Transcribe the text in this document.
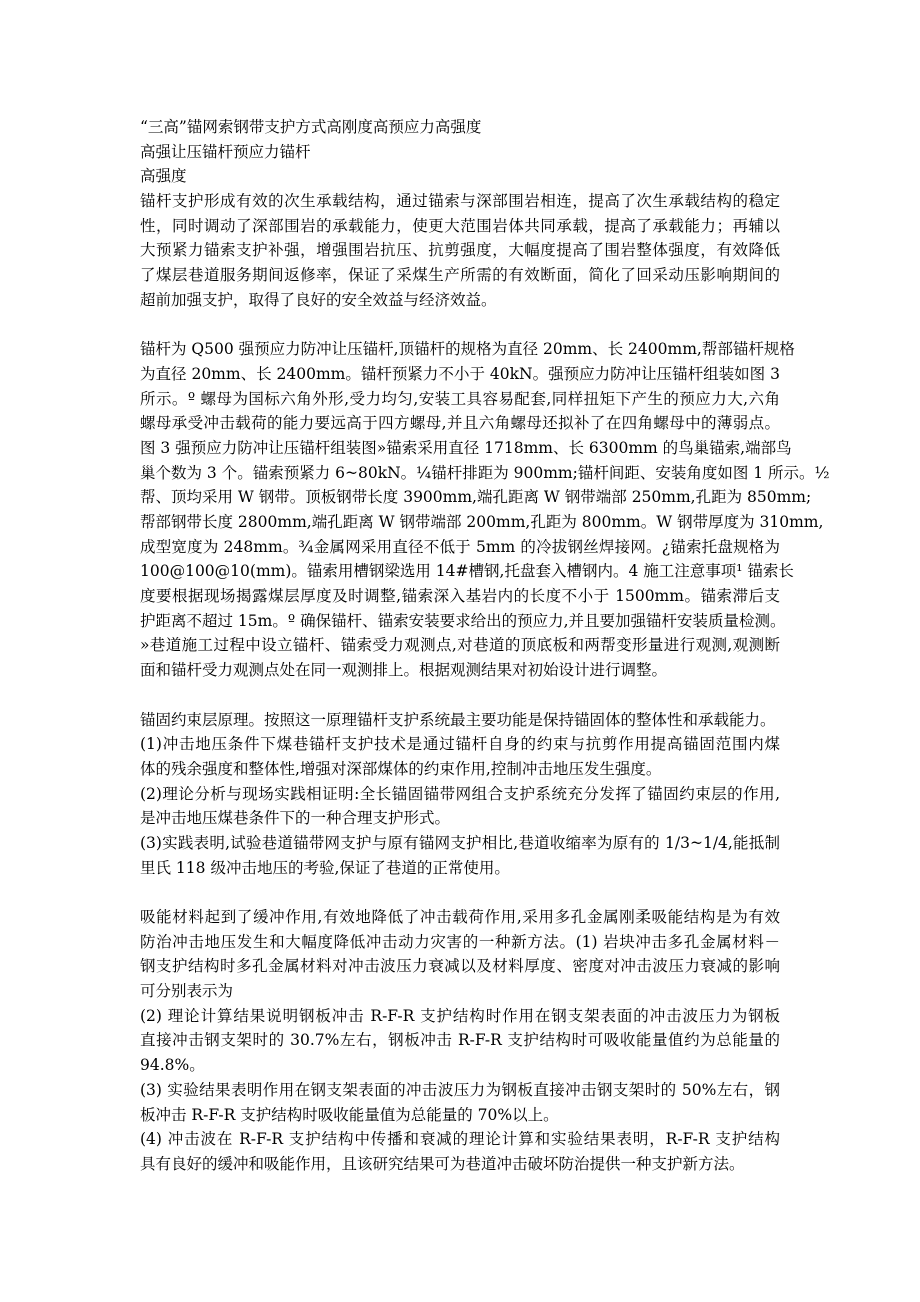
“三高”锚网索钢带支护方式高刚度高预应力高强度
高强让压锚杆预应力锚杆
高强度
锚杆支护形成有效的次生承载结构，通过锚索与深部围岩相连，提高了次生承载结构的稳定
性，同时调动了深部围岩的承载能力，使更大范围岩体共同承载，提高了承载能力；再辅以
大预紧力锚索支护补强，增强围岩抗压、抗剪强度，大幅度提高了围岩整体强度，有效降低
了煤层巷道服务期间返修率，保证了采煤生产所需的有效断面，简化了回采动压影响期间的
超前加强支护，取得了良好的安全效益与经济效益。
锚杆为 Q500 强预应力防冲让压锚杆,顶锚杆的规格为直径 20mm、长 2400mm,帮部锚杆规格
为直径 20mm、长 2400mm。锚杆预紧力不小于 40kN。强预应力防冲让压锚杆组装如图 3
所示。º 螺母为国标六角外形,受力均匀,安装工具容易配套,同样扭矩下产生的预应力大,六角
螺母承受冲击载荷的能力要远高于四方螺母,并且六角螺母还拟补了在四角螺母中的薄弱点。
图 3 强预应力防冲让压锚杆组装图»锚索采用直径 1718mm、长 6300mm 的鸟巢锚索,端部鸟
巢个数为 3 个。锚索预紧力 6~80kN。¼锚杆排距为 900mm;锚杆间距、安装角度如图 1 所示。½
帮、顶均采用 W 钢带。顶板钢带长度 3900mm,端孔距离 W 钢带端部 250mm,孔距为 850mm;
帮部钢带长度 2800mm,端孔距离 W 钢带端部 200mm,孔距为 800mm。W 钢带厚度为 310mm,
成型宽度为 248mm。¾金属网采用直径不低于 5mm 的冷拔钢丝焊接网。¿锚索托盘规格为
100@100@10(mm)。锚索用槽钢梁选用 14#槽钢,托盘套入槽钢内。4 施工注意事项¹ 锚索长
度要根据现场揭露煤层厚度及时调整,锚索深入基岩内的长度不小于 1500mm。锚索滞后支
护距离不超过 15m。º 确保锚杆、锚索安装要求给出的预应力,并且要加强锚杆安装质量检测。
»巷道施工过程中设立锚杆、锚索受力观测点,对巷道的顶底板和两帮变形量进行观测,观测断
面和锚杆受力观测点处在同一观测排上。根据观测结果对初始设计进行调整。
锚固约束层原理。按照这一原理锚杆支护系统最主要功能是保持锚固体的整体性和承载能力。
(1)冲击地压条件下煤巷锚杆支护技术是通过锚杆自身的约束与抗剪作用提高锚固范围内煤
体的残余强度和整体性,增强对深部煤体的约束作用,控制冲击地压发生强度。
(2)理论分析与现场实践相证明:全长锚固锚带网组合支护系统充分发挥了锚固约束层的作用,
是冲击地压煤巷条件下的一种合理支护形式。
(3)实践表明,试验巷道锚带网支护与原有锚网支护相比,巷道收缩率为原有的 1/3~1/4,能抵制
里氏 118 级冲击地压的考验,保证了巷道的正常使用。
吸能材料起到了缓冲作用,有效地降低了冲击载荷作用,采用多孔金属刚柔吸能结构是为有效
防治冲击地压发生和大幅度降低冲击动力灾害的一种新方法。(1) 岩块冲击多孔金属材料－
钢支护结构时多孔金属材料对冲击波压力衰减以及材料厚度、密度对冲击波压力衰减的影响
可分别表示为
(2) 理论计算结果说明钢板冲击 R-F-R 支护结构时作用在钢支架表面的冲击波压力为钢板
直接冲击钢支架时的 30.7%左右，钢板冲击 R-F-R 支护结构时可吸收能量值约为总能量的
94.8%。
(3) 实验结果表明作用在钢支架表面的冲击波压力为钢板直接冲击钢支架时的 50%左右，钢
板冲击 R-F-R 支护结构时吸收能量值为总能量的 70%以上。
(4) 冲击波在 R-F-R 支护结构中传播和衰减的理论计算和实验结果表明，R-F-R 支护结构
具有良好的缓冲和吸能作用，且该研究结果可为巷道冲击破坏防治提供一种支护新方法。
